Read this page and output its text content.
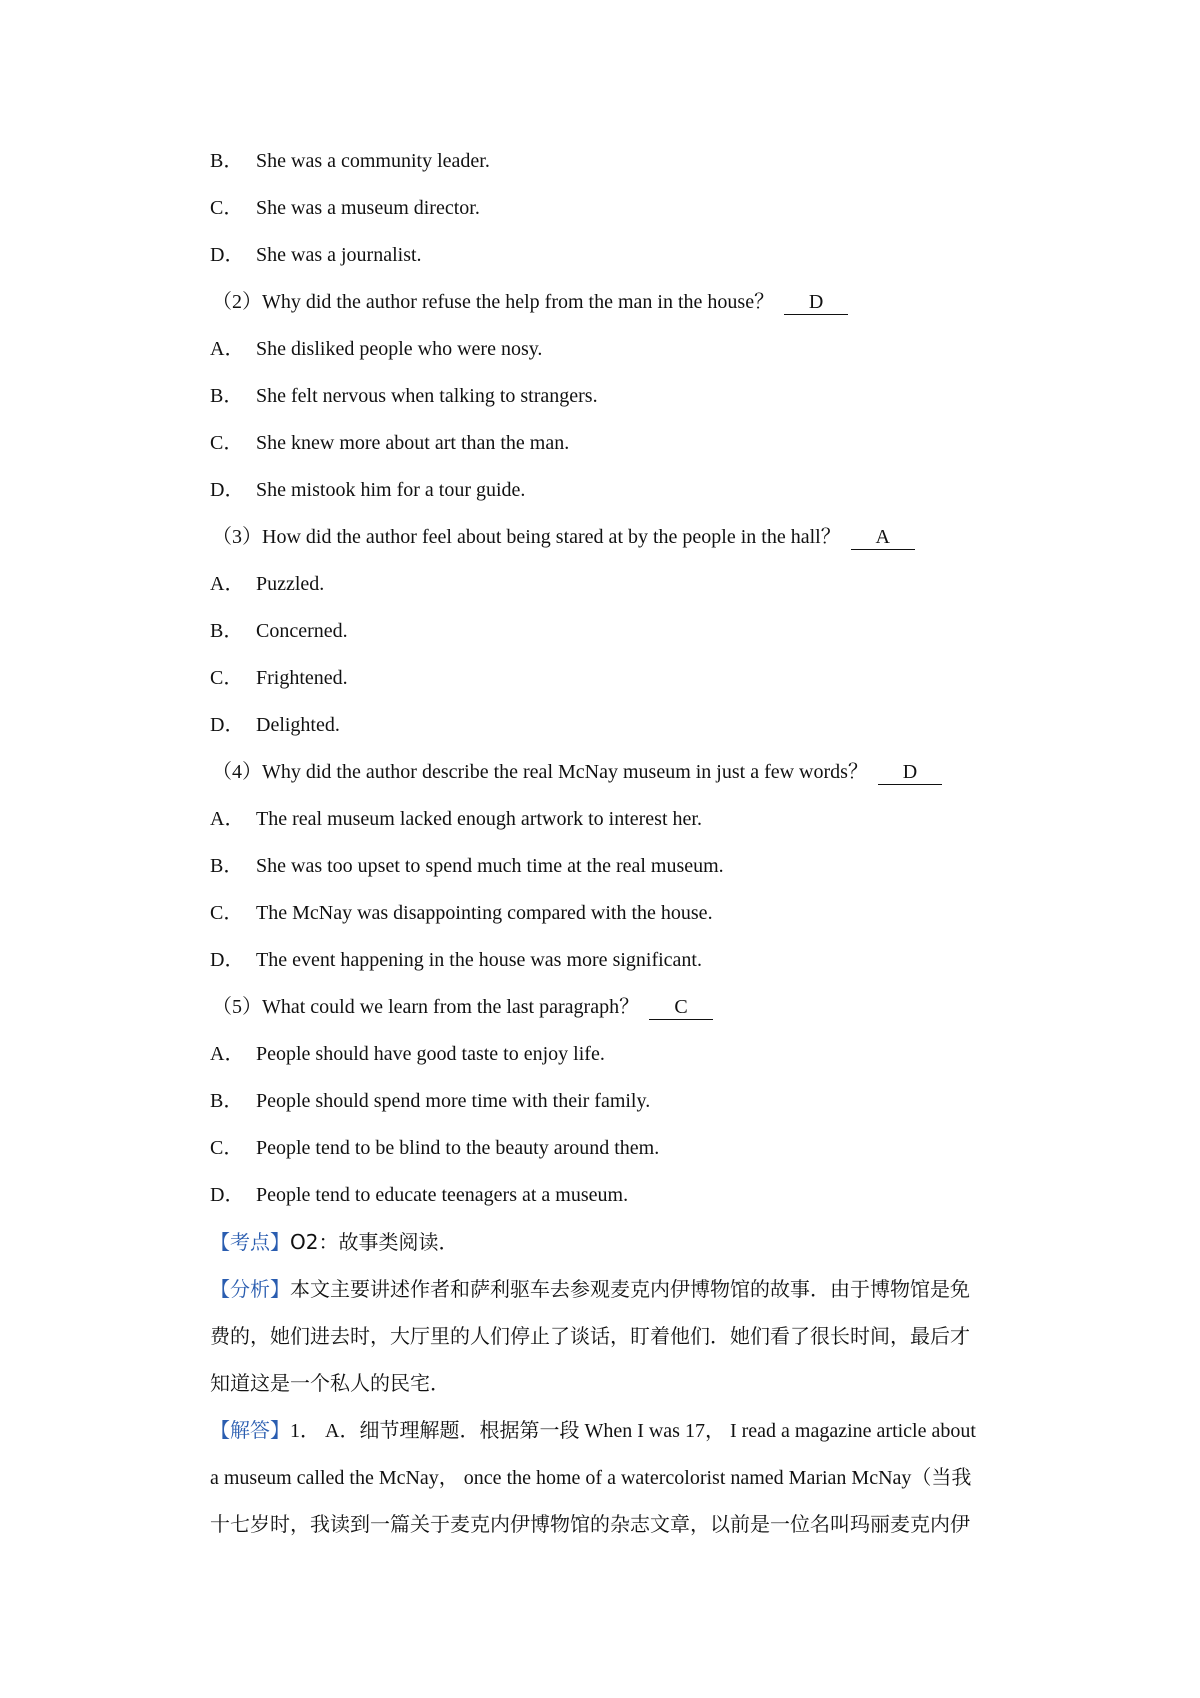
B． She was a community leader.
C． She was a museum director.
D． She was a journalist.
（2）Why did the author refuse the help from the man in the house？ D
A． She disliked people who were nosy.
B． She felt nervous when talking to strangers.
C． She knew more about art than the man.
D． She mistook him for a tour guide.
（3）How did the author feel about being stared at by the people in the hall？ A
A． Puzzled.
B． Concerned.
C． Frightened.
D． Delighted.
（4）Why did the author describe the real McNay museum in just a few words？ D
A． The real museum lacked enough artwork to interest her.
B． She was too upset to spend much time at the real museum.
C． The McNay was disappointing compared with the house.
D． The event happening in the house was more significant.
（5）What could we learn from the last paragraph？ C
A． People should have good taste to enjoy life.
B． People should spend more time with their family.
C． People tend to be blind to the beauty around them.
D． People tend to educate teenagers at a museum.
【考点】O2：故事类阅读．
【分析】本文主要讲述作者和萨利驱车去参观麦克内伊博物馆的故事．由于博物馆是免
费的，她们进去时，大厅里的人们停止了谈话，盯着他们．她们看了很长时间，最后才
知道这是一个私人的民宅．
【解答】1． A．细节理解题．根据第一段 When I was 17， I read a magazine article about
a museum called the McNay， once the home of a watercolorist named Marian McNay（当我
十七岁时，我读到一篇关于麦克内伊博物馆的杂志文章，以前是一位名叫玛丽麦克内伊
